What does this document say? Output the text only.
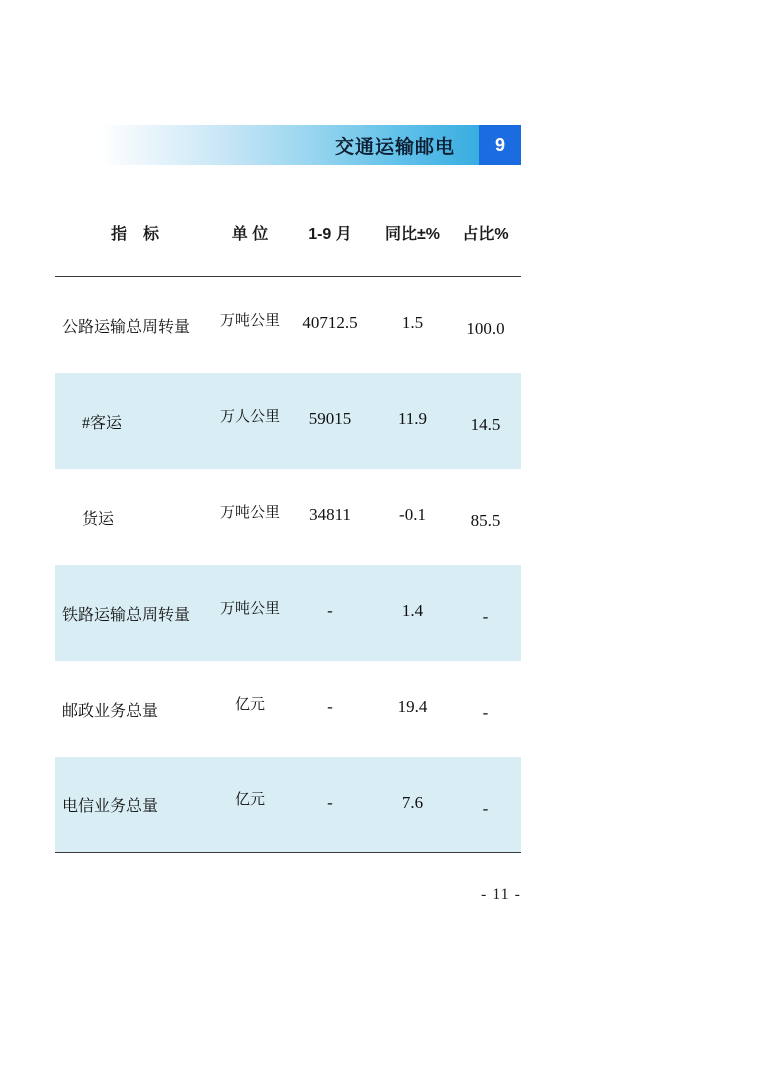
交通运输邮电	9
指　标	单 位	1-9 月	同比±%	占比%
公路运输总周转量	万吨公里	40712.5	1.5	100.0
#客运	万人公里	59015	11.9	14.5
货运	万吨公里	34811	-0.1	85.5
铁路运输总周转量	万吨公里	-	1.4	-
邮政业务总量	亿元	-	19.4	-
电信业务总量	亿元	-	7.6	-
- 11 -
